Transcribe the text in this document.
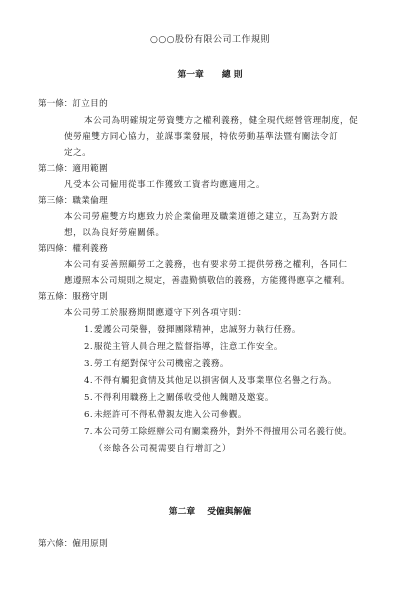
○○○股份有限公司工作規則
第一章 總 則
第一條：訂立目的
本公司為明確規定勞資雙方之權利義務，健全現代經營管理制度，促
使勞雇雙方同心協力，並謀事業發展，特依勞動基準法暨有關法令訂
定之。
第二條：適用範圍
凡受本公司僱用從事工作獲致工資者均應適用之。
第三條：職業倫理
本公司勞雇雙方均應致力於企業倫理及職業道德之建立，互為對方設
想，以為良好勞雇關係。
第四條：權利義務
本公司有妥善照顧勞工之義務，也有要求勞工提供勞務之權利，各同仁
應遵照本公司規則之規定，善盡勤慎敬信的義務，方能獲得應享之權利。
第五條：服務守則
本公司勞工於服務期間應遵守下列各項守則：
1.愛護公司榮譽，發揮團隊精神，忠誠努力執行任務。
2.服從主管人員合理之監督指導，注意工作安全。
3.勞工有絕對保守公司機密之義務。
4.不得有觸犯貪情及其他足以損害個人及事業單位名譽之行為。
5.不得利用職務上之關係收受他人餽贈及邀宴。
6.未經許可不得私帶親友進入公司參觀。
7.本公司勞工除經辦公司有關業務外，對外不得擅用公司名義行使。
（※餘各公司視需要自行增訂之）
第二章 受僱與解僱
第六條：僱用原則
